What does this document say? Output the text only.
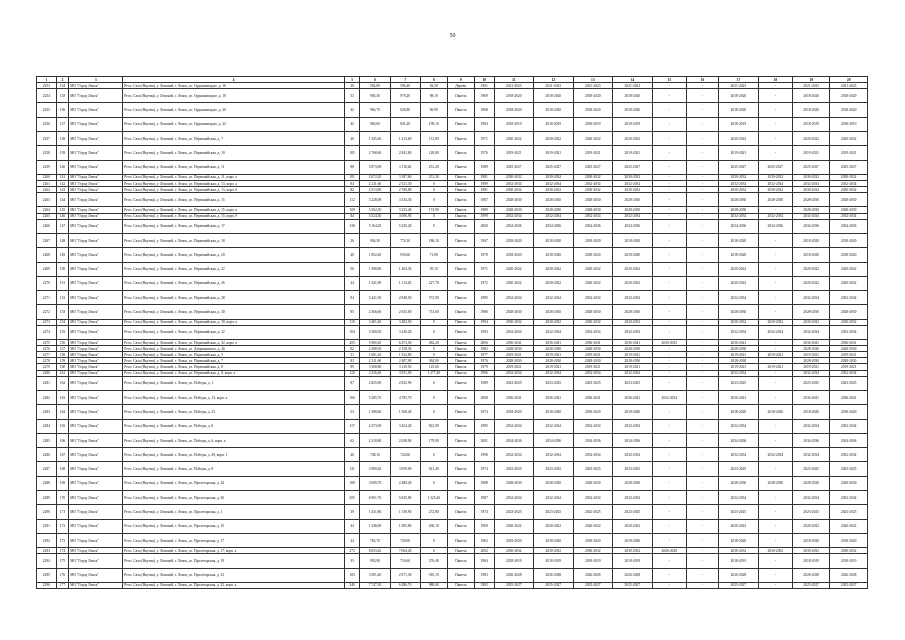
50
1	2	3	4	5	6	7	8	9	10	11	12	13	14	15	16	17	18	19	20
2253	134	МО "Город Ленск"	Респ. Саха (Якутия), у. Ленский, г. Ленск, ул. Орджоникидзе, д. 16	30	582,80	596,40	82,50	Дерево	1961	2021-2023	2021-2023	2021-2023	2021-2023	-	-	2021-2023	-	2021-2023	2021-2023
2254	135	МО "Город Ленск"	Респ. Саха (Якутия), у. Ленский, г. Ленск, ул. Орджоникидзе, д. 18	53	985,30	979,20	98,10	Панель	1969	2018-2020	2018-2020	2018-2020	2018-2020	-	-	2018-2020	-	2018-2020	2018-2020
2255	136	МО "Город Ленск"	Респ. Саха (Якутия), у. Ленский, г. Ленск, ул. Орджоникидзе, д. 20	42	966,70	926,80	69,90	Панель	1968	2018-2020	2018-2020	2018-2020	2018-2020	-	-	2018-2020	-	2018-2020	2018-2020
2256	137	МО "Город Ленск"	Респ. Саха (Якутия), у. Ленский, г. Ленск, ул. Орджоникидзе, д. 22	42	960,60	841,20	199,10	Панель	1984	2018-2019	2018-2019	2018-2019	2018-2019	-	-	2018-2019	-	2018-2019	2018-2019
2257	138	МО "Город Ленск"	Респ. Саха (Якутия), у. Ленский, г. Ленск, ул. Первомайская, д. 7	40	1 345,40	1 213,60	131,80	Панель	1971	2020-2022	2020-2022	2020-2022	2020-2022	-	-	2020-2022	-	2020-2022	2020-2022
2258	139	МО "Город Ленск"	Респ. Саха (Якутия), у. Ленский, г. Ленск, ул. Первомайская, д. 10	105	2 768,60	2 841,80	128,80	Панель	1976	2019-2021	2019-2021	2019-2021	2019-2021	-	-	2019-2021	-	2019-2021	2019-2021
2259	140	МО "Город Ленск"	Респ. Саха (Якутия), у. Ленский, г. Ленск, ул. Первомайская, д. 11	88	3 873,00	3 118,20	231,20	Панель	1989	2025-2027	2025-2027	2025-2027	2025-2027	-	-	2025-2027	2025-2027	2025-2027	2025-2027
2260	141	МО "Город Ленск"	Респ. Саха (Якутия), у. Ленский, г. Ленск, ул. Первомайская, д. 11, корп. а	101	2 672,20	3 187,60	231,20	Панель	1981	2030-2032	2030-2032	2030-2032	2030-2032	-	-	2030-2032	2030-2032	2030-2032	2030-2032
2261	142	МО "Город Ленск"	Респ. Саха (Якутия), у. Ленский, г. Ленск, ул. Первомайская, д. 13, корп. а	84	2 211,60	2 521,30	0	Панель	1989	2032-2034	2032-2034	2032-2034	2032-2034	-	-	2032-2034	2032-2034	2032-2034	2032-2034
2262	143	МО "Город Ленск"	Респ. Саха (Якутия), у. Ленский, г. Ленск, ул. Первомайская, д. 13, корп. б	82	2 513,80	2 768,80	0	Панель	1981	2030-2032	2030-2032	2030-2032	2030-2032	-	-	2030-2032	2030-2032	2030-2032	2030-2032
2263	144	МО "Город Ленск"	Респ. Саха (Якутия), у. Ленский, г. Ленск, ул. Первомайская, д. 15	112	3 228,08	3 334,30	0	Панель	1987	2028-2030	2028-2030	2028-2030	2028-2030	-	-	2028-2030	2028-2030	2028-2030	2028-2030
2264	145	МО "Город Ленск"	Респ. Саха (Якутия), у. Ленский, г. Ленск, ул. Первомайская, д. 15, корп. а	109	3 562,50	3 233,40	174,90	Панель	1989	2028-2030	2028-2030	2028-2030	2028-2030	-	-	2028-2030	-	2028-2030	2028-2030
2265	146	МО "Город Ленск"	Респ. Саха (Якутия), у. Ленский, г. Ленск, ул. Первомайская, д. 15, корп. б	84	3 524,30	3 096,90	0	Панель	1999	2032-2034	2032-2034	2032-2034	2032-2034	-	-	2032-2034	2032-2034	2032-2034	2032-2034
2266	147	МО "Город Ленск"	Респ. Саха (Якутия), у. Ленский, г. Ленск, ул. Первомайская, д. 17	138	5 164,20	5 250,20	0	Панель	2000	2034-2036	2034-2036	2034-2036	2034-2036	-	-	2034-2036	2034-2036	2034-2036	2034-2036
2267	148	МО "Город Ленск"	Респ. Саха (Якутия), у. Ленский, г. Ленск, ул. Первомайская, д. 18	26	904,30	774,10	186,10	Панель	1967	2018-2020	2018-2020	2018-2020	2018-2020	-	-	2018-2020	-	2018-2020	2018-2020
2268	149	МО "Город Ленск"	Респ. Саха (Якутия), у. Ленский, г. Ленск, ул. Первомайская, д. 20	40	1 002,40	930,60	71,80	Панель	1970	2018-2020	2018-2020	2018-2020	2018-2020	-	-	2018-2020	-	2018-2020	2018-2020
2269	150	МО "Город Ленск"	Респ. Саха (Якутия), у. Ленский, г. Ленск, ул. Первомайская, д. 22	56	1 308,80	1 263,30	95,10	Панель	1971	2020-2022	2020-2022	2020-2022	2020-2022	-	-	2020-2022	-	2020-2022	2020-2022
2270	151	МО "Город Ленск"	Респ. Саха (Якутия), у. Ленский, г. Ленск, ул. Первомайская, д. 26	44	1 341,90	1 114,20	227,70	Панель	1972	2020-2022	2020-2022	2020-2022	2020-2022	-	-	2020-2022	-	2020-2022	2020-2022
2271	152	МО "Город Ленск"	Респ. Саха (Якутия), у. Ленский, г. Ленск, ул. Первомайская, д. 28	84	3 421,50	2 848,50	572,90	Панель	1985	2032-2034	2032-2034	2032-2034	2032-2034	-	-	2032-2034	-	2032-2034	2032-2034
2272	153	МО "Город Ленск"	Респ. Саха (Якутия), у. Ленский, г. Ленск, ул. Первомайская, д. 30	85	2 366,60	2 653,00	713,60	Панель	1986	2028-2030	2028-2030	2028-2030	2028-2030	-	-	2028-2030	-	2028-2030	2028-2030
2273	154	МО "Город Ленск"	Респ. Саха (Якутия), у. Ленский, г. Ленск, ул. Первомайская, д. 30, корп. а	110	3 401,40	3 482,50	0	Панель	1994	2030-2032	2030-2032	2030-2032	2030-2032	-	-	2030-2032	2030-2032	2030-2032	2030-2032
2274	155	МО "Город Ленск"	Респ. Саха (Якутия), у. Ленский, г. Ленск, ул. Первомайская, д. 32	104	3 300,50	3 440,20	0	Панель	1993	2032-2034	2032-2034	2032-2034	2032-2034	-	-	2032-2034	2032-2034	2032-2034	2032-2034
2275	156	МО "Город Ленск"	Респ. Саха (Якутия), у. Ленский, г. Ленск, ул. Первомайская, д. 32, корп. а	205	5 980,20	6 473,50	482,20	Панель	2006	2036-2041	2036-2041	2036-2041	2036-2041	2030-2032	-	2036-2041	-	2036-2041	2036-2041
2276	157	МО "Город Ленск"	Респ. Саха (Якутия), у. Ленский, г. Ленск, ул. Дзержинского, д. 26	82	2 498,50	2 158,30	0	Панель	1982	2028-2030	2028-2030	2028-2030	2028-2030	-	-	2028-2030	-	2028-2030	2028-2030
2277	158	МО "Город Ленск"	Респ. Саха (Якутия), у. Ленский, г. Ленск, ул. Первомайская, д. 5	51	1 681,20	1 522,80	0	Панель	1977	2019-2021	2019-2021	2019-2021	2019-2021	-	-	2019-2021	2019-2021	2019-2021	2019-2021
2278	159	МО "Город Ленск"	Респ. Саха (Якутия), у. Ленский, г. Ленск, ул. Первомайская, д. 7	83	2 311,60	2 487,90	584,90	Панель	1976	2028-2030	2028-2030	2028-2030	2028-2030	-	-	2028-2030	-	2028-2030	2028-2030
2279	160	МО "Город Ленск"	Респ. Саха (Якутия), у. Ленский, г. Ленск, ул. Первомайская, д. 8	89	3 568,80	3 129,50	125,60	Панель	1979	2019-2021	2019-2021	2019-2021	2019-2021	-	-	2019-2021	2019-2021	2019-2021	2019-2021
2280	161	МО "Город Ленск"	Респ. Саха (Якутия), у. Ленский, г. Ленск, ул. Первомайская, д. 8, корп. а	110	3 236,40	3 051,00	1 277,40	Панель	1996	2032-2034	2032-2034	2032-2034	2032-2034	-	-	2032-2034	-	2032-2034	2032-2034
2281	162	МО "Город Ленск"	Респ. Саха (Якутия), у. Ленский, г. Ленск, ул. Победы, д. 1	87	2 825,90	2 825,90	0	Панель	1989	2023-2025	2023-2025	2023-2025	2023-2025	-	-	2023-2025	-	2023-2025	2023-2025
2282	163	МО "Город Ленск"	Респ. Саха (Якутия), у. Ленский, г. Ленск, ул. Победы, д. 13, корп. а	160	5 285,70	4 785,70	0	Панель	2008	2036-2041	2036-2041	2036-2041	2036-2041	2032-2034	-	2036-2041	-	2036-2041	2036-2041
2283	164	МО "Город Ленск"	Респ. Саха (Якутия), у. Ленский, г. Ленск, ул. Победы, д. 23	53	1 388,60	1 368,40	0	Панель	1974	2018-2020	2018-2020	2018-2020	2018-2020	-	-	2018-2020	2018-2020	2018-2020	2018-2020
2284	165	МО "Город Ленск"	Респ. Саха (Якутия), у. Ленский, г. Ленск, ул. Победы, д. 6	117	4 273,00	3 454,20	822,90	Панель	1985	2032-2034	2032-2034	2032-2034	2032-2034	-	-	2032-2034	-	2032-2034	2032-2034
2285	166	МО "Город Ленск"	Респ. Саха (Якутия), у. Ленский, г. Ленск, ул. Победы, д. 6, корп. а	62	2 218,80	2 038,90	179,90	Панель	2001	2034-2036	2034-2036	2034-2036	2034-2036	-	-	2034-2036	-	2034-2036	2034-2036
2286	167	МО "Город Ленск"	Респ. Саха (Якутия), у. Ленский, г. Ленск, ул. Победы, д. 49, корп. 1	26	748,10	724,60	0	Панель	1998	2032-2034	2032-2034	2032-2034	2032-2034	-	-	2032-2034	2032-2034	2032-2034	2032-2034
2287	168	МО "Город Ленск"	Респ. Саха (Якутия), у. Ленский, г. Ленск, ул. Победы, д. 8	131	3 980,40	3 059,00	921,40	Панель	1974	2023-2025	2023-2025	2023-2025	2023-2025	-	-	2023-2025	-	2023-2025	2023-2025
2288	169	МО "Город Ленск"	Респ. Саха (Якутия), у. Ленский, г. Ленск, ул. Пролетарская, д. 24	108	3 699,70	2 480,40	0	Панель	1988	2028-2030	2028-2030	2028-2030	2028-2030	-	-	2028-2030	2028-2030	2028-2030	2028-2030
2289	170	МО "Город Ленск"	Респ. Саха (Якутия), у. Ленский, г. Ленск, ул. Пролетарская, д. 26	205	6 961,70	5 635,80	1 325,40	Панель	1987	2032-2034	2032-2034	2032-2034	2032-2034	-	-	2032-2034	-	2032-2034	2032-2034
2290	171	МО "Город Ленск"	Респ. Саха (Якутия), у. Ленский, г. Ленск, ул. Пролетарская, д. 1	39	1 431,80	1 158,90	272,80	Панель	1974	2023-2025	2023-2025	2023-2025	2023-2025	-	-	2023-2025	-	2023-2025	2023-2025
2291	172	МО "Город Ленск"	Респ. Саха (Якутия), у. Ленский, г. Ленск, ул. Пролетарская, д. 15	44	1 346,00	1 085,80	260,10	Панель	1969	2020-2022	2020-2022	2020-2022	2020-2022	-	-	2020-2022	-	2020-2022	2020-2022
2292	173	МО "Город Ленск"	Респ. Саха (Якутия), у. Ленский, г. Ленск, ул. Пролетарская, д. 17	24	762,70	729,00	0	Панель	1962	2018-2020	2018-2020	2018-2020	2018-2020	-	-	2018-2020	-	2018-2020	2018-2020
2293	174	МО "Город Ленск"	Респ. Саха (Якутия), у. Ленский, г. Ленск, ул. Пролетарская, д. 17, корп. а	273	8 833,20	7 064,20	0	Панель	2002	2030-2032	2030-2032	2030-2032	2030-2032	2026-2028	-	2030-2032	2030-2032	2030-2032	2030-2032
2294	175	МО "Город Ленск"	Респ. Саха (Якутия), у. Ленский, г. Ленск, ул. Пролетарская, д. 19	33	993,90	716,60	276,40	Панель	1984	2018-2019	2018-2019	2018-2019	2018-2019	-	-	2018-2019	-	2018-2019	2018-2019
2295	176	МО "Город Ленск"	Респ. Саха (Якутия), у. Ленский, г. Ленск, ул. Пролетарская, д. 23	103	3 581,40	2 671,30	910,10	Панель	1983	2026-2028	2026-2028	2026-2028	2026-2028	-	-	2026-2028	-	2026-2028	2026-2028
2296	177	МО "Город Ленск"	Респ. Саха (Якутия), у. Ленский, г. Ленск, ул. Пролетарская, д. 23, корп. а	240	7 747,30	6 486,70	980,60	Панель	1982	2025-2027	2025-2027	2025-2027	2025-2027	-	-	2025-2027	-	2025-2027	2025-2027
